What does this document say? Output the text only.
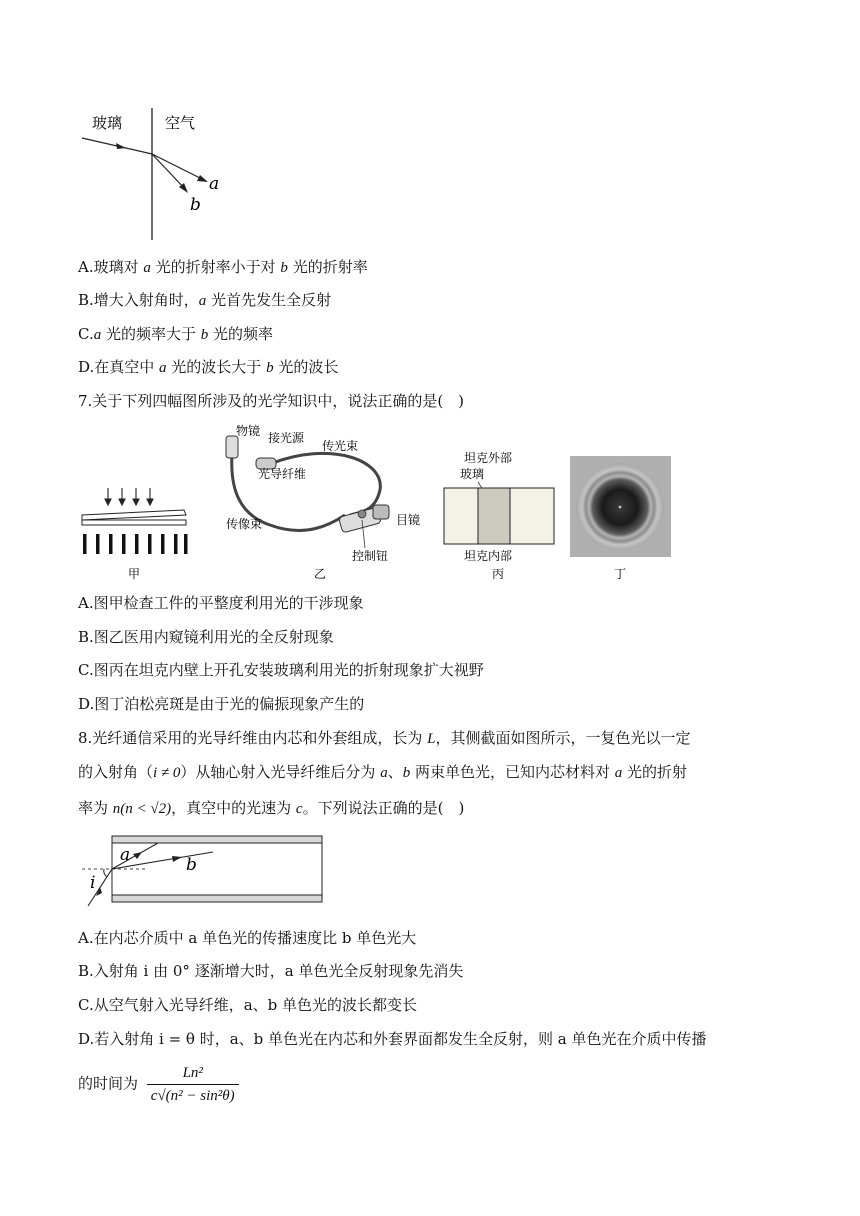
玻璃	空气
a
b
A.玻璃对 a 光的折射率小于对 b 光的折射率
B.增大入射角时，a 光首先发生全反射
C.a 光的频率大于 b 光的频率
D.在真空中 a 光的波长大于 b 光的波长
7.关于下列四幅图所涉及的光学知识中，说法正确的是(　)
甲
物镜 接光源
传光束
光导纤维
传像束	目镜
控制钮
乙
坦克外部
玻璃
坦克内部
丙	丁
A.图甲检查工件的平整度利用光的干涉现象
B.图乙医用内窥镜利用光的全反射现象
C.图丙在坦克内壁上开孔安装玻璃利用光的折射现象扩大视野
D.图丁泊松亮斑是由于光的偏振现象产生的
8.光纤通信采用的光导纤维由内芯和外套组成，长为 L，其侧截面如图所示，一复色光以一定
的入射角（i ≠ 0）从轴心射入光导纤维后分为 a、b 两束单色光，已知内芯材料对 a 光的折射
率为 n(n < √2)，真空中的光速为 c。下列说法正确的是(　)
a	b
i
A.在内芯介质中 a 单色光的传播速度比 b 单色光大
B.入射角 i 由 0° 逐渐增大时，a 单色光全反射现象先消失
C.从空气射入光导纤维，a、b 单色光的波长都变长
D.若入射角 i = θ 时，a、b 单色光在内芯和外套界面都发生全反射，则 a 单色光在介质中传播
的时间为 $\frac{\text{Ln²}}{\text{c√(n² − sin²θ)}}$
